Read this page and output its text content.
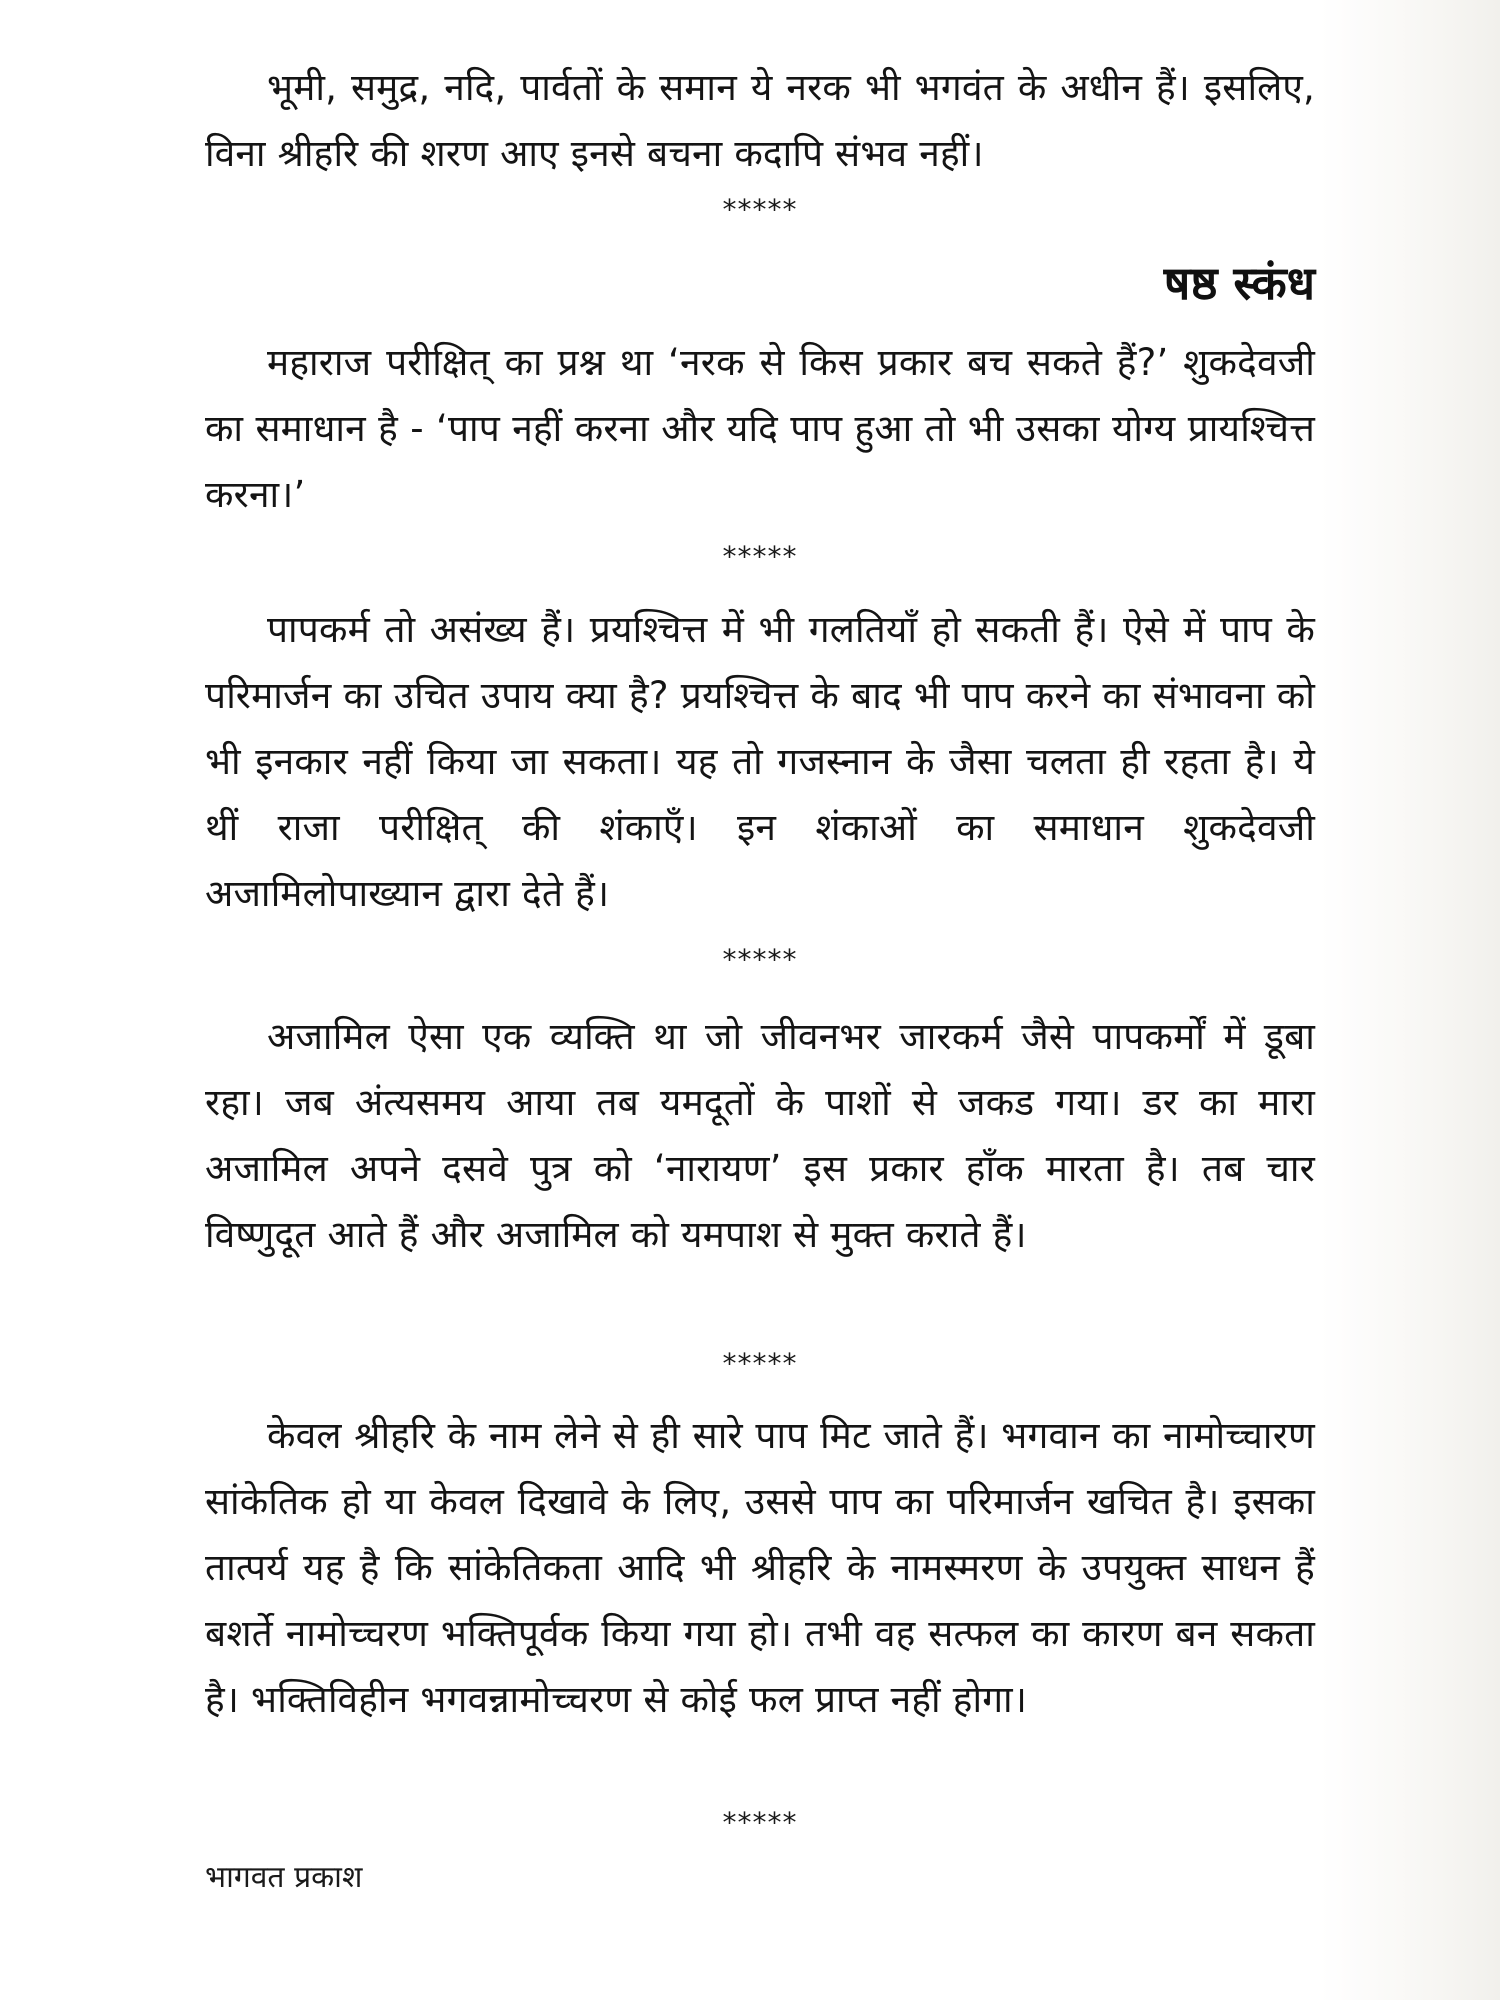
भूमी, समुद्र, नदि, पार्वतों के समान ये नरक भी भगवंत के अधीन हैं। इसलिए, विना श्रीहरि की शरण आए इनसे बचना कदापि संभव नहीं।

*****
षष्ठ स्कंध

महाराज परीक्षित् का प्रश्न था ‘नरक से किस प्रकार बच सकते हैं?’ शुकदेवजी का समाधान है - ‘पाप नहीं करना और यदि पाप हुआ तो भी उसका योग्य प्रायश्चित्त करना।’

*****

पापकर्म तो असंख्य हैं। प्रयश्चित्त में भी गलतियाँ हो सकती हैं। ऐसे में पाप के परिमार्जन का उचित उपाय क्या है? प्रयश्चित्त के बाद भी पाप करने का संभावना को भी इनकार नहीं किया जा सकता। यह तो गजस्नान के जैसा चलता ही रहता है। ये थीं राजा परीक्षित् की शंकाएँ। इन शंकाओं का समाधान शुकदेवजी अजामिलोपाख्यान द्वारा देते हैं।

*****

अजामिल ऐसा एक व्यक्ति था जो जीवनभर जारकर्म जैसे पापकर्मों में डूबा रहा। जब अंत्यसमय आया तब यमदूतों के पाशों से जकड गया। डर का मारा अजामिल अपने दसवे पुत्र को ‘नारायण’ इस प्रकार हाँक मारता है। तब चार विष्णुदूत आते हैं और अजामिल को यमपाश से मुक्त कराते हैं।

*****

केवल श्रीहरि के नाम लेने से ही सारे पाप मिट जाते हैं। भगवान का नामोच्चारण सांकेतिक हो या केवल दिखावे के लिए, उससे पाप का परिमार्जन खचित है। इसका तात्पर्य यह है कि सांकेतिकता आदि भी श्रीहरि के नामस्मरण के उपयुक्त साधन हैं बशर्ते नामोच्चरण भक्तिपूर्वक किया गया हो। तभी वह सत्फल का कारण बन सकता है। भक्तिविहीन भगवन्नामोच्चरण से कोई फल प्राप्त नहीं होगा।

*****
भागवत प्रकाश
